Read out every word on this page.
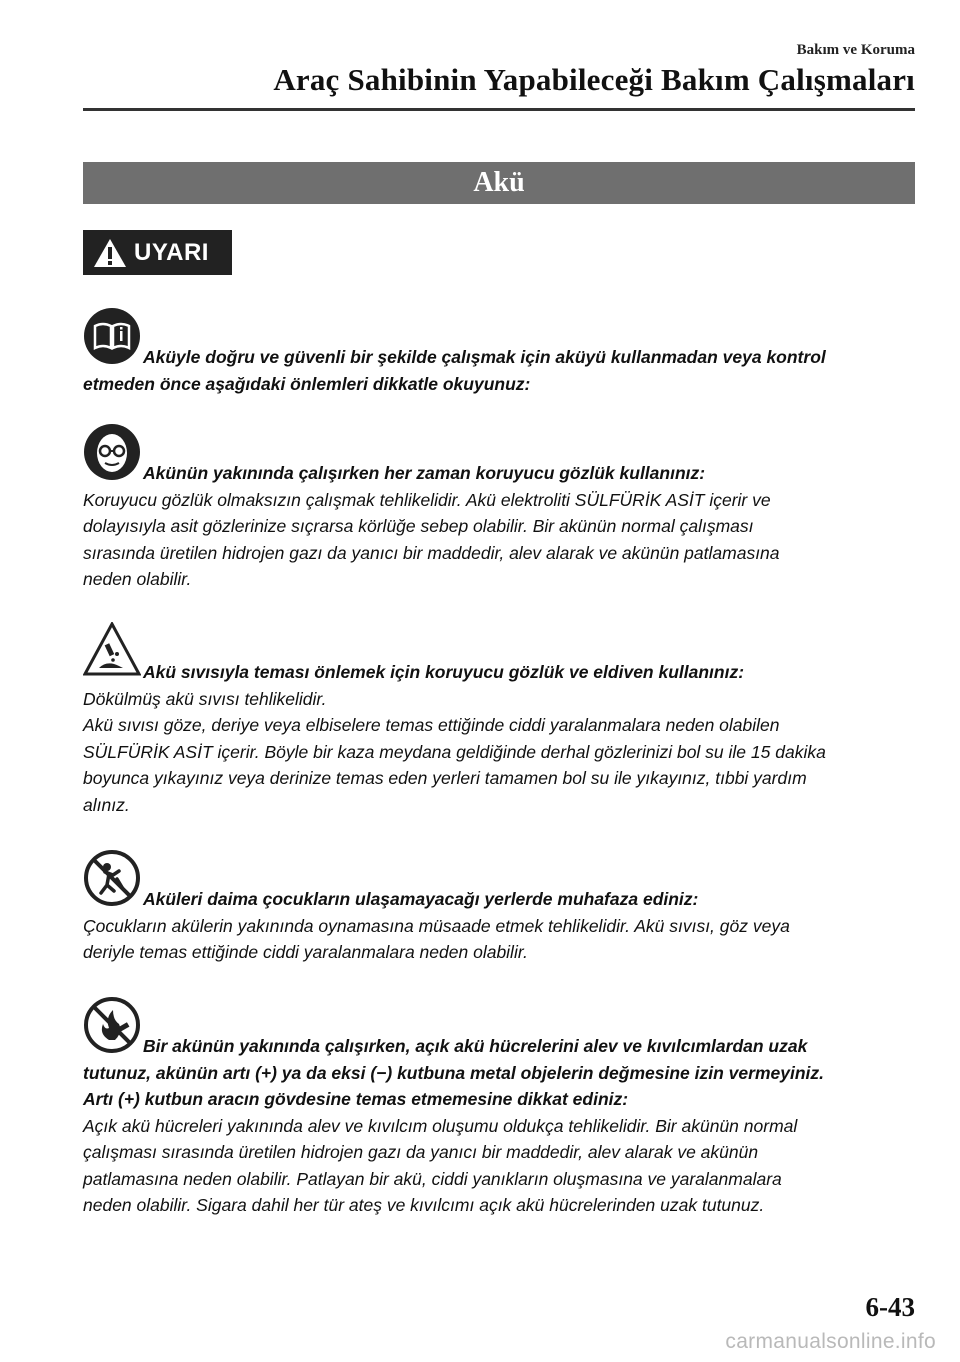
Bakım ve Koruma
Araç Sahibinin Yapabileceği Bakım Çalışmaları
Akü
UYARI
Aküyle doğru ve güvenli bir şekilde çalışmak için aküyü kullanmadan veya kontrol
etmeden önce aşağıdaki önlemleri dikkatle okuyunuz:
Akünün yakınında çalışırken her zaman koruyucu gözlük kullanınız:
Koruyucu gözlük olmaksızın çalışmak tehlikelidir. Akü elektroliti SÜLFÜRİK ASİT içerir ve
dolayısıyla asit gözlerinize sıçrarsa körlüğe sebep olabilir. Bir akünün normal çalışması
sırasında üretilen hidrojen gazı da yanıcı bir maddedir, alev alarak ve akünün patlamasına
neden olabilir.
Akü sıvısıyla teması önlemek için koruyucu gözlük ve eldiven kullanınız:
Dökülmüş akü sıvısı tehlikelidir.
Akü sıvısı göze, deriye veya elbiselere temas ettiğinde ciddi yaralanmalara neden olabilen
SÜLFÜRİK ASİT içerir. Böyle bir kaza meydana geldiğinde derhal gözlerinizi bol su ile 15 dakika
boyunca yıkayınız veya derinize temas eden yerleri tamamen bol su ile yıkayınız, tıbbi yardım
alınız.
Aküleri daima çocukların ulaşamayacağı yerlerde muhafaza ediniz:
Çocukların akülerin yakınında oynamasına müsaade etmek tehlikelidir. Akü sıvısı, göz veya
deriyle temas ettiğinde ciddi yaralanmalara neden olabilir.
Bir akünün yakınında çalışırken, açık akü hücrelerini alev ve kıvılcımlardan uzak
tutunuz, akünün artı (+) ya da eksi (−) kutbuna metal objelerin değmesine izin vermeyiniz.
Artı (+) kutbun aracın gövdesine temas etmemesine dikkat ediniz:
Açık akü hücreleri yakınında alev ve kıvılcım oluşumu oldukça tehlikelidir. Bir akünün normal
çalışması sırasında üretilen hidrojen gazı da yanıcı bir maddedir, alev alarak ve akünün
patlamasına neden olabilir. Patlayan bir akü, ciddi yanıkların oluşmasına ve yaralanmalara
neden olabilir. Sigara dahil her tür ateş ve kıvılcımı açık akü hücrelerinden uzak tutunuz.
6-43
carmanualsonline.info
